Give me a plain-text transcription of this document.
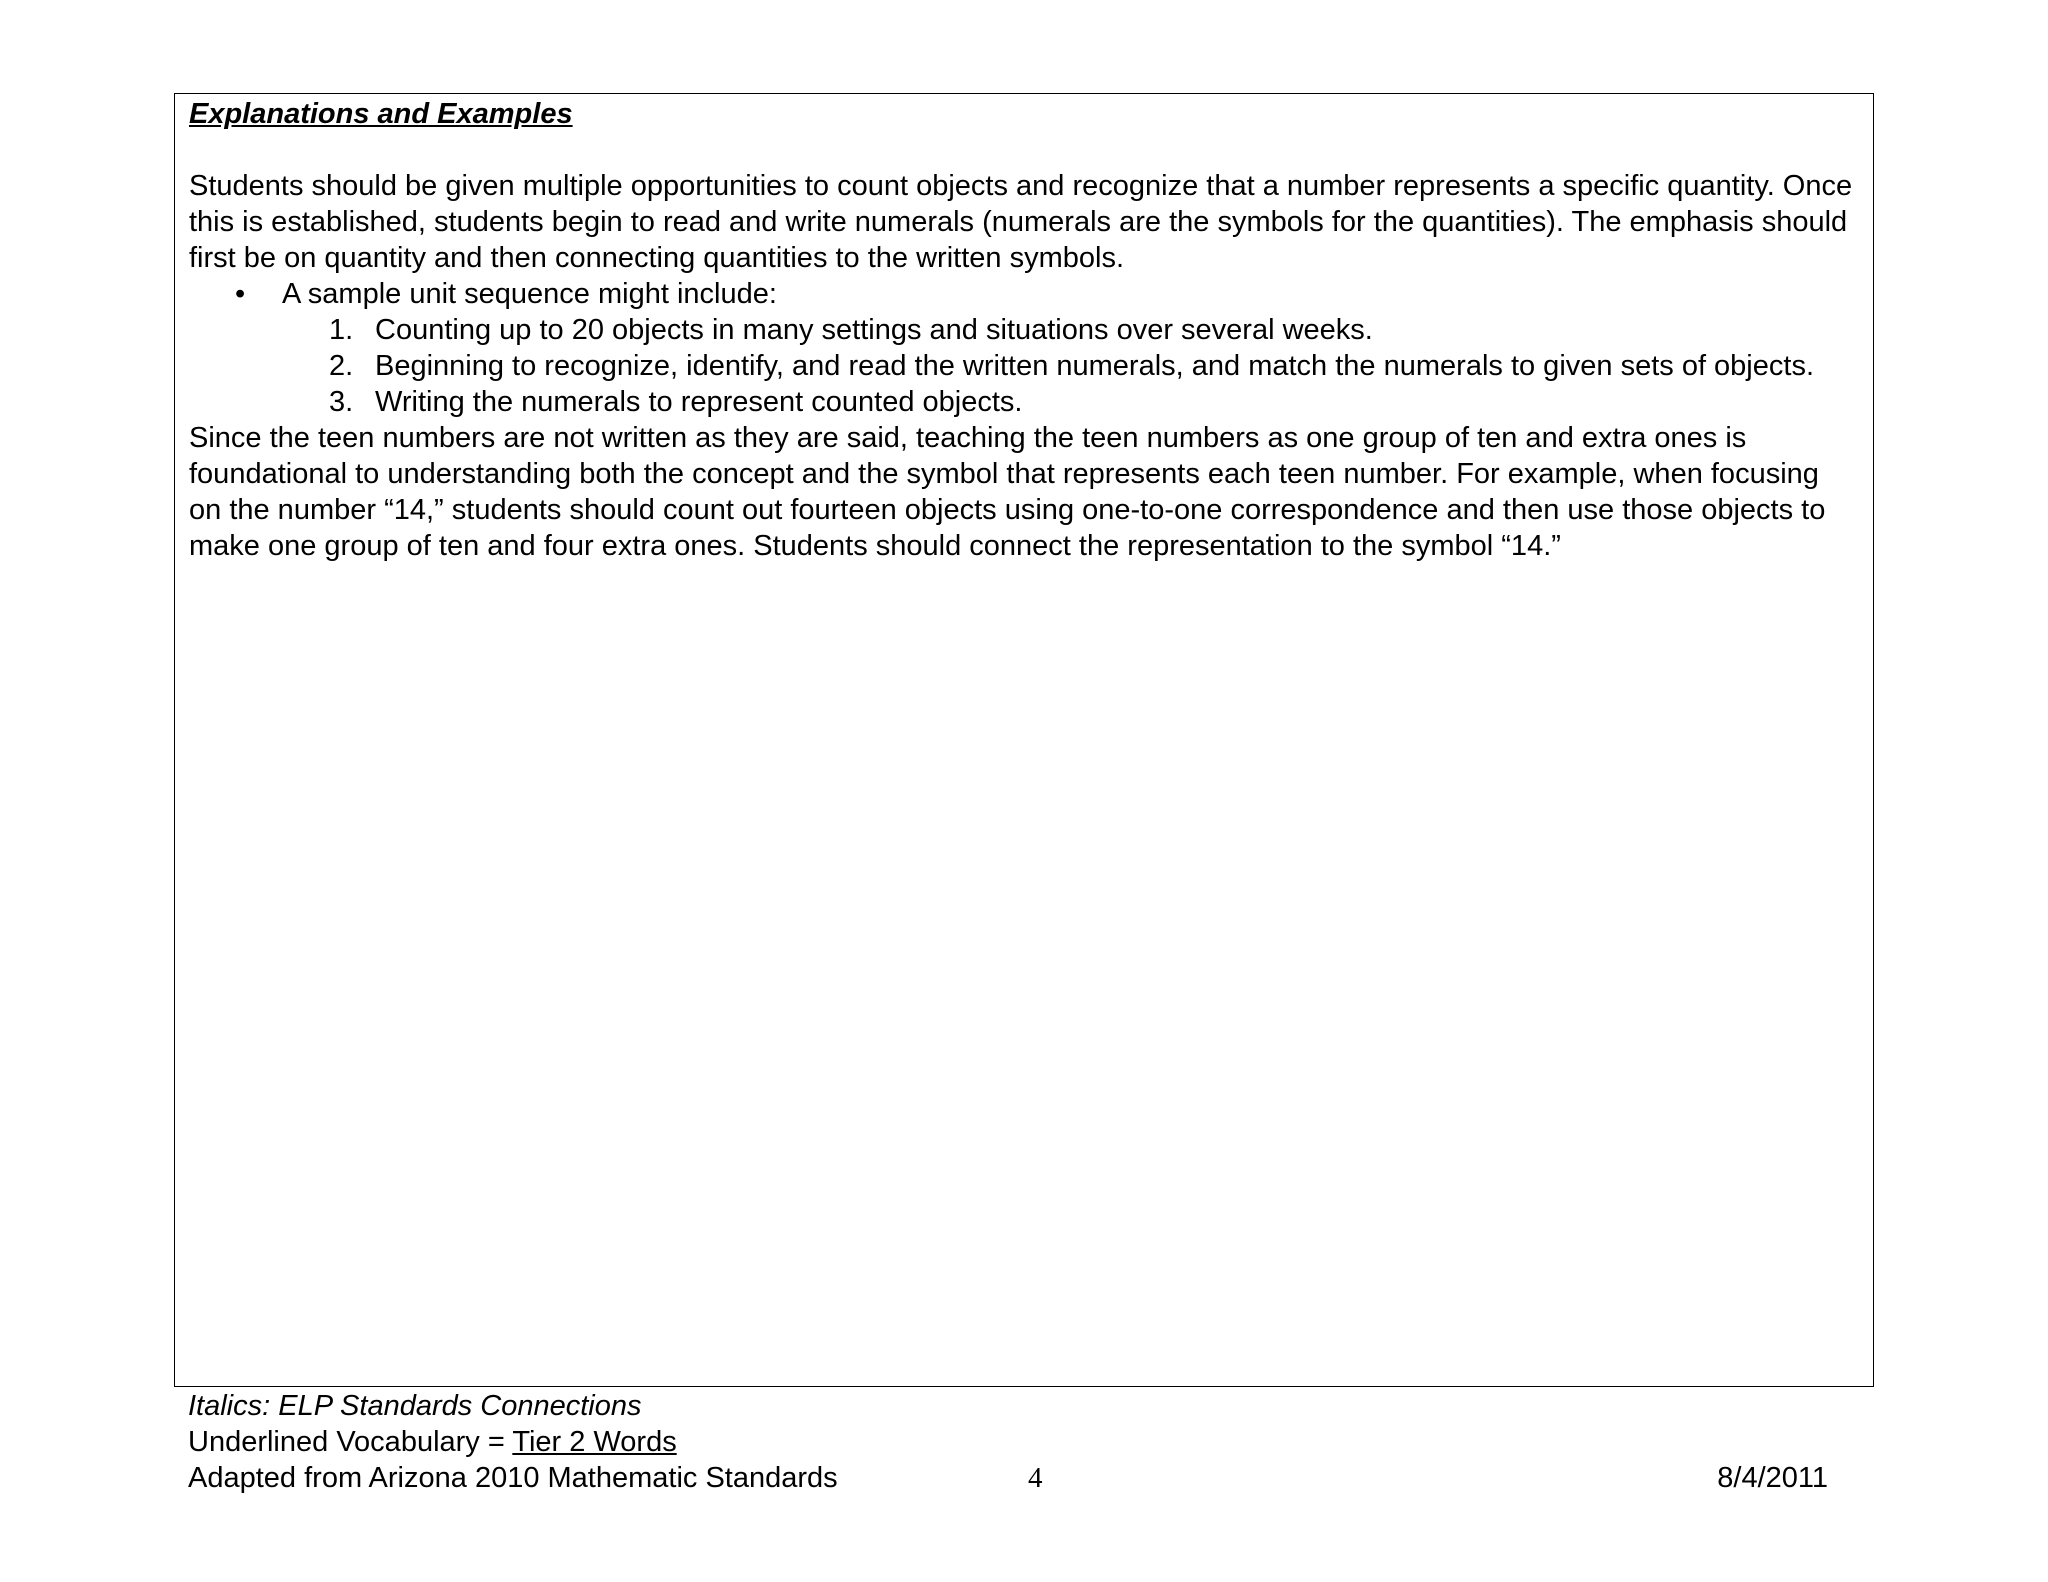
Explanations and Examples

Students should be given multiple opportunities to count objects and recognize that a number represents a specific quantity. Once this is established, students begin to read and write numerals (numerals are the symbols for the quantities). The emphasis should first be on quantity and then connecting quantities to the written symbols.

• A sample unit sequence might include:
1. Counting up to 20 objects in many settings and situations over several weeks.
2. Beginning to recognize, identify, and read the written numerals, and match the numerals to given sets of objects.
3. Writing the numerals to represent counted objects.

Since the teen numbers are not written as they are said, teaching the teen numbers as one group of ten and extra ones is foundational to understanding both the concept and the symbol that represents each teen number. For example, when focusing on the number “14,” students should count out fourteen objects using one-to-one correspondence and then use those objects to make one group of ten and four extra ones. Students should connect the representation to the symbol “14.”

Italics: ELP Standards Connections
Underlined Vocabulary = Tier 2 Words
Adapted from Arizona 2010 Mathematic Standards	4	8/4/2011
